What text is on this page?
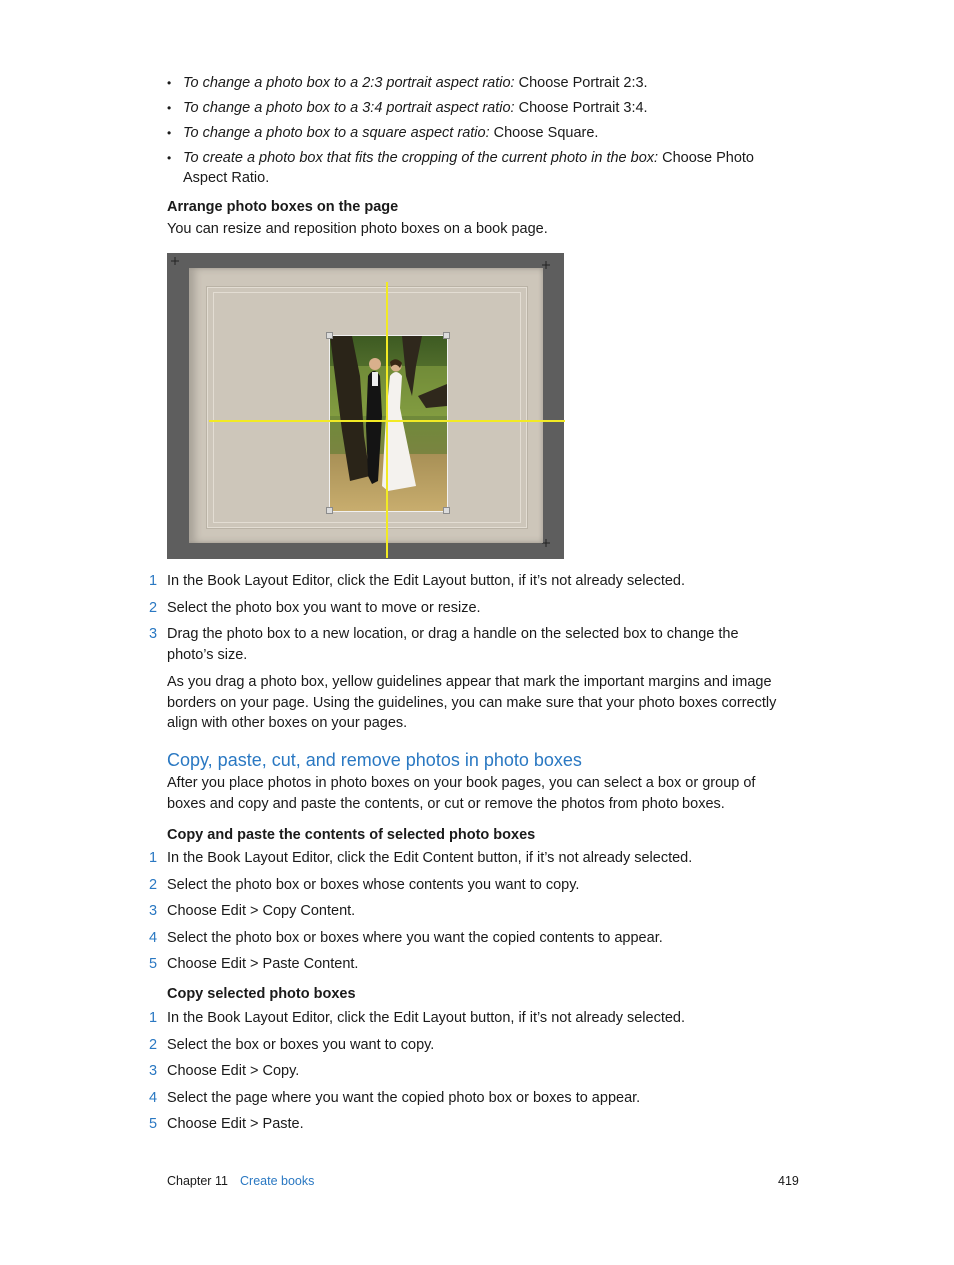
• To change a photo box to a 2:3 portrait aspect ratio: Choose Portrait 2:3.
• To change a photo box to a 3:4 portrait aspect ratio: Choose Portrait 3:4.
• To change a photo box to a square aspect ratio: Choose Square.
• To create a photo box that fits the cropping of the current photo in the box: Choose Photo Aspect Ratio.
Arrange photo boxes on the page
You can resize and reposition photo boxes on a book page.
1 In the Book Layout Editor, click the Edit Layout button, if it’s not already selected.
2 Select the photo box you want to move or resize.
3 Drag the photo box to a new location, or drag a handle on the selected box to change the photo’s size.
As you drag a photo box, yellow guidelines appear that mark the important margins and image borders on your page. Using the guidelines, you can make sure that your photo boxes correctly align with other boxes on your pages.
Copy, paste, cut, and remove photos in photo boxes
After you place photos in photo boxes on your book pages, you can select a box or group of boxes and copy and paste the contents, or cut or remove the photos from photo boxes.
Copy and paste the contents of selected photo boxes
1 In the Book Layout Editor, click the Edit Content button, if it’s not already selected.
2 Select the photo box or boxes whose contents you want to copy.
3 Choose Edit > Copy Content.
4 Select the photo box or boxes where you want the copied contents to appear.
5 Choose Edit > Paste Content.
Copy selected photo boxes
1 In the Book Layout Editor, click the Edit Layout button, if it’s not already selected.
2 Select the box or boxes you want to copy.
3 Choose Edit > Copy.
4 Select the page where you want the copied photo box or boxes to appear.
5 Choose Edit > Paste.
Chapter 11 Create books	419
